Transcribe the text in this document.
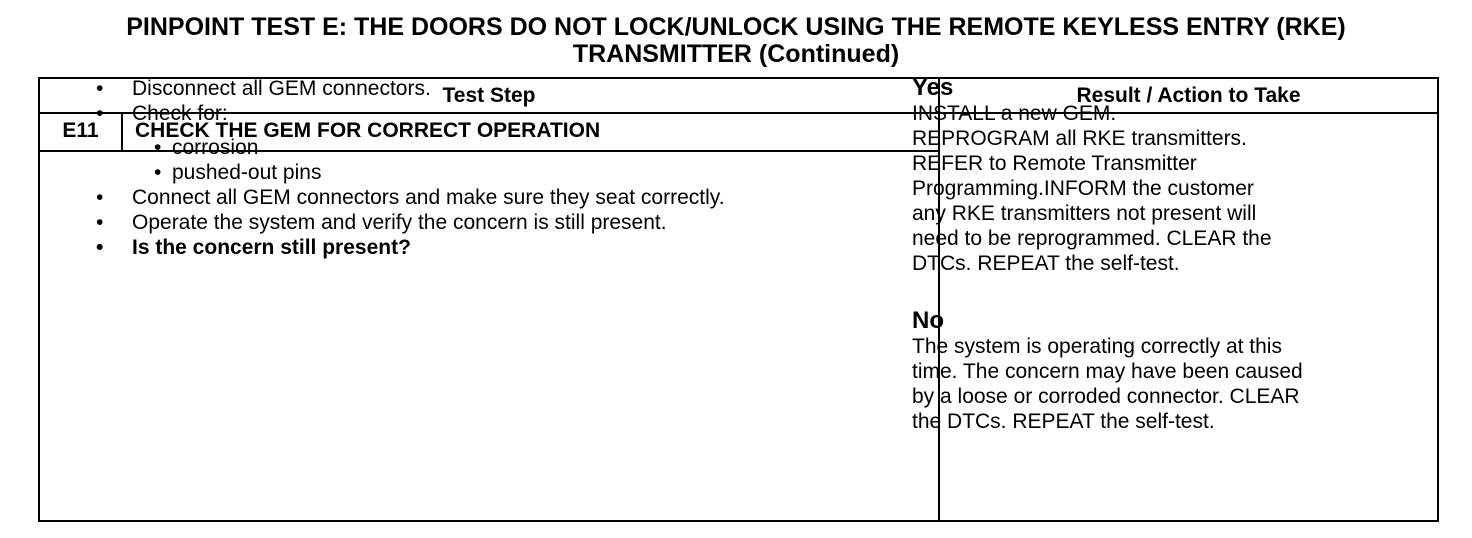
PINPOINT TEST E: THE DOORS DO NOT LOCK/UNLOCK USING THE REMOTE KEYLESS ENTRY (RKE)
TRANSMITTER (Continued)
Test Step	Result / Action to Take
E11	CHECK THE GEM FOR CORRECT OPERATION
• Disconnect all GEM connectors.
• Check for:
• corrosion
• pushed-out pins
• Connect all GEM connectors and make sure they seat correctly.
• Operate the system and verify the concern is still present.
• Is the concern still present?
Yes
INSTALL a new GEM.
REPROGRAM all RKE transmitters.
REFER to Remote Transmitter
Programming.INFORM the customer
any RKE transmitters not present will
need to be reprogrammed. CLEAR the
DTCs. REPEAT the self-test.
No
The system is operating correctly at this
time. The concern may have been caused
by a loose or corroded connector. CLEAR
the DTCs. REPEAT the self-test.
